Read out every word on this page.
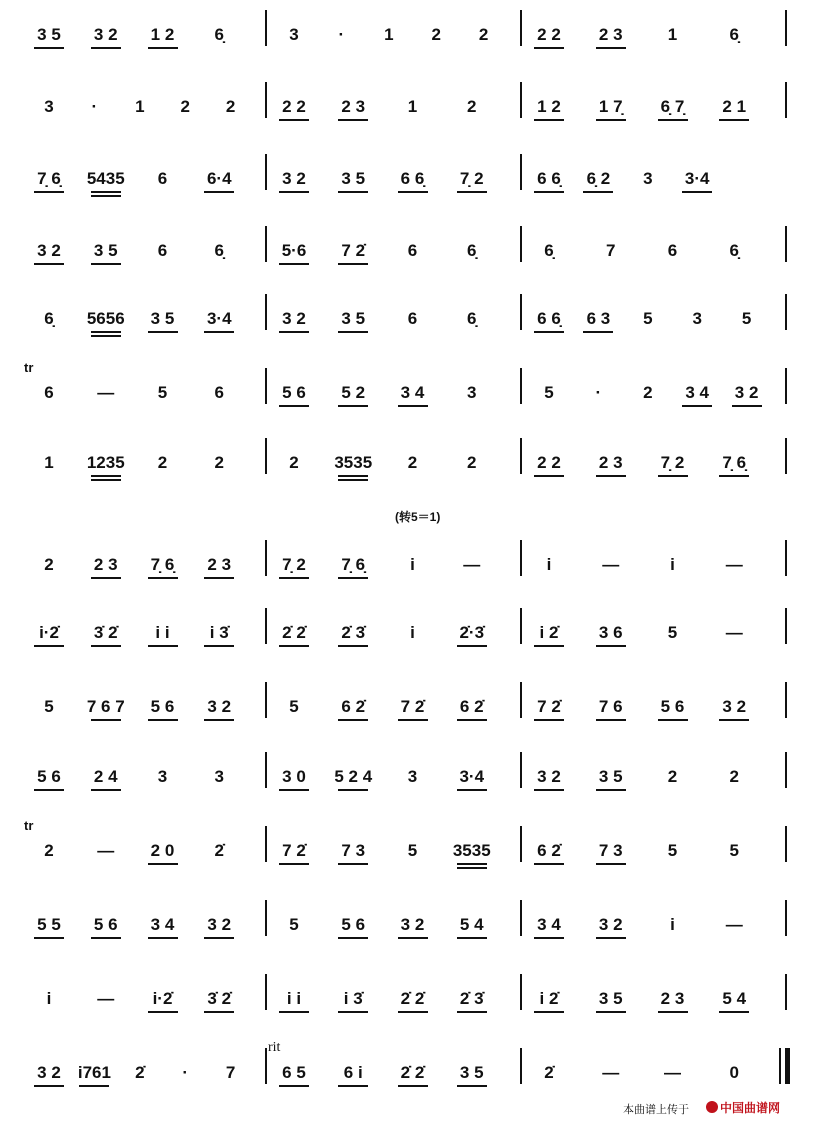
3 5	3 2	1 2	6̣	3	·	1	2	2	2 2	2 3	1	6̣
3	·	1	2	2	2 2	2 3	1	2	1 2	1 7̣	6̣ 7̣	2 1
7̣ 6̣	5435	6	6·4	3 2	3 5	6 6̣	7̣ 2	6 6̣	6̣ 2	3	3·4
3 2	3 5	6	6̣	5·6	7 2̇	6	6̣	6̣	7	6	6̣
6̣	5656	3 5	3·4	3 2	3 5	6	6̣	6 6̣	6 3	5	3	5
6	—	5	6	5 6	5 2	3 4	3	5	·	2	3 4	3 2
tr
1	1235	2	2	2	3535	2	2	2 2	2 3	7̣ 2	7̣ 6̣
2	2 3	7̣ 6̣	2 3	7̣ 2	7̣ 6̣	i	—	i	—	i	—
i·2̇	3̇ 2̇	i i	i 3̇	2̇ 2̇	2̇ 3̇	i	2̇·3̇	i 2̇	3 6	5	—
5	7 6 7	5 6	3 2	5	6 2̇	7 2̇	6 2̇	7 2̇	7 6	5 6	3 2
5 6	2 4	3	3	3 0	5 2 4	3	3·4	3 2	3 5	2	2
2	—	2 0	2̇	7 2̇	7 3	5	3535	6 2̇	7 3	5	5
tr
5 5	5 6	3 4	3 2	5	5 6	3 2	5 4	3 4	3 2	i	—
i	—	i·2̇	3̇ 2̇	i i	i 3̇	2̇ 2̇	2̇ 3̇	i 2̇	3 5	2 3	5 4
3 2	i761	2̇	·	7	6 5	6 i	2̇ 2̇	3 5	2̇	—	—	0
rit
(转5＝1)
本曲谱上传于	中国曲谱网
